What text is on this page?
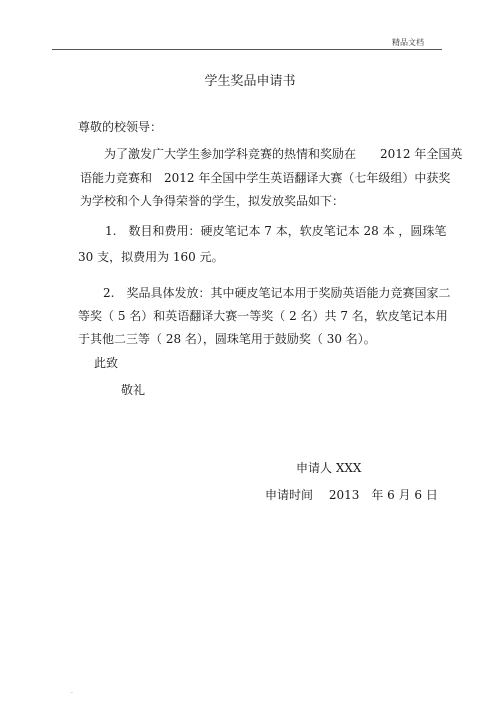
精品文档
学生奖品申请书
尊敬的校领导：
为了激发广大学生参加学科竞赛的热情和奖励在　　2012 年全国英
语能力竞赛和　2012 年全国中学生英语翻译大赛（七年级组）中获奖
为学校和个人争得荣誉的学生，拟发放奖品如下：
1.　数目和费用：硬皮笔记本 7 本，软皮笔记本 28 本 ，圆珠笔
30 支，拟费用为 160 元。
2.　奖品具体发放：其中硬皮笔记本用于奖励英语能力竞赛国家二
等奖（ 5 名）和英语翻译大赛一等奖（ 2 名）共 7 名，软皮笔记本用
于其他二三等（ 28 名），圆珠笔用于鼓励奖（ 30 名）。
此致
敬礼
申请人 XXX
申请时间　 2013　年 6 月 6 日
.
